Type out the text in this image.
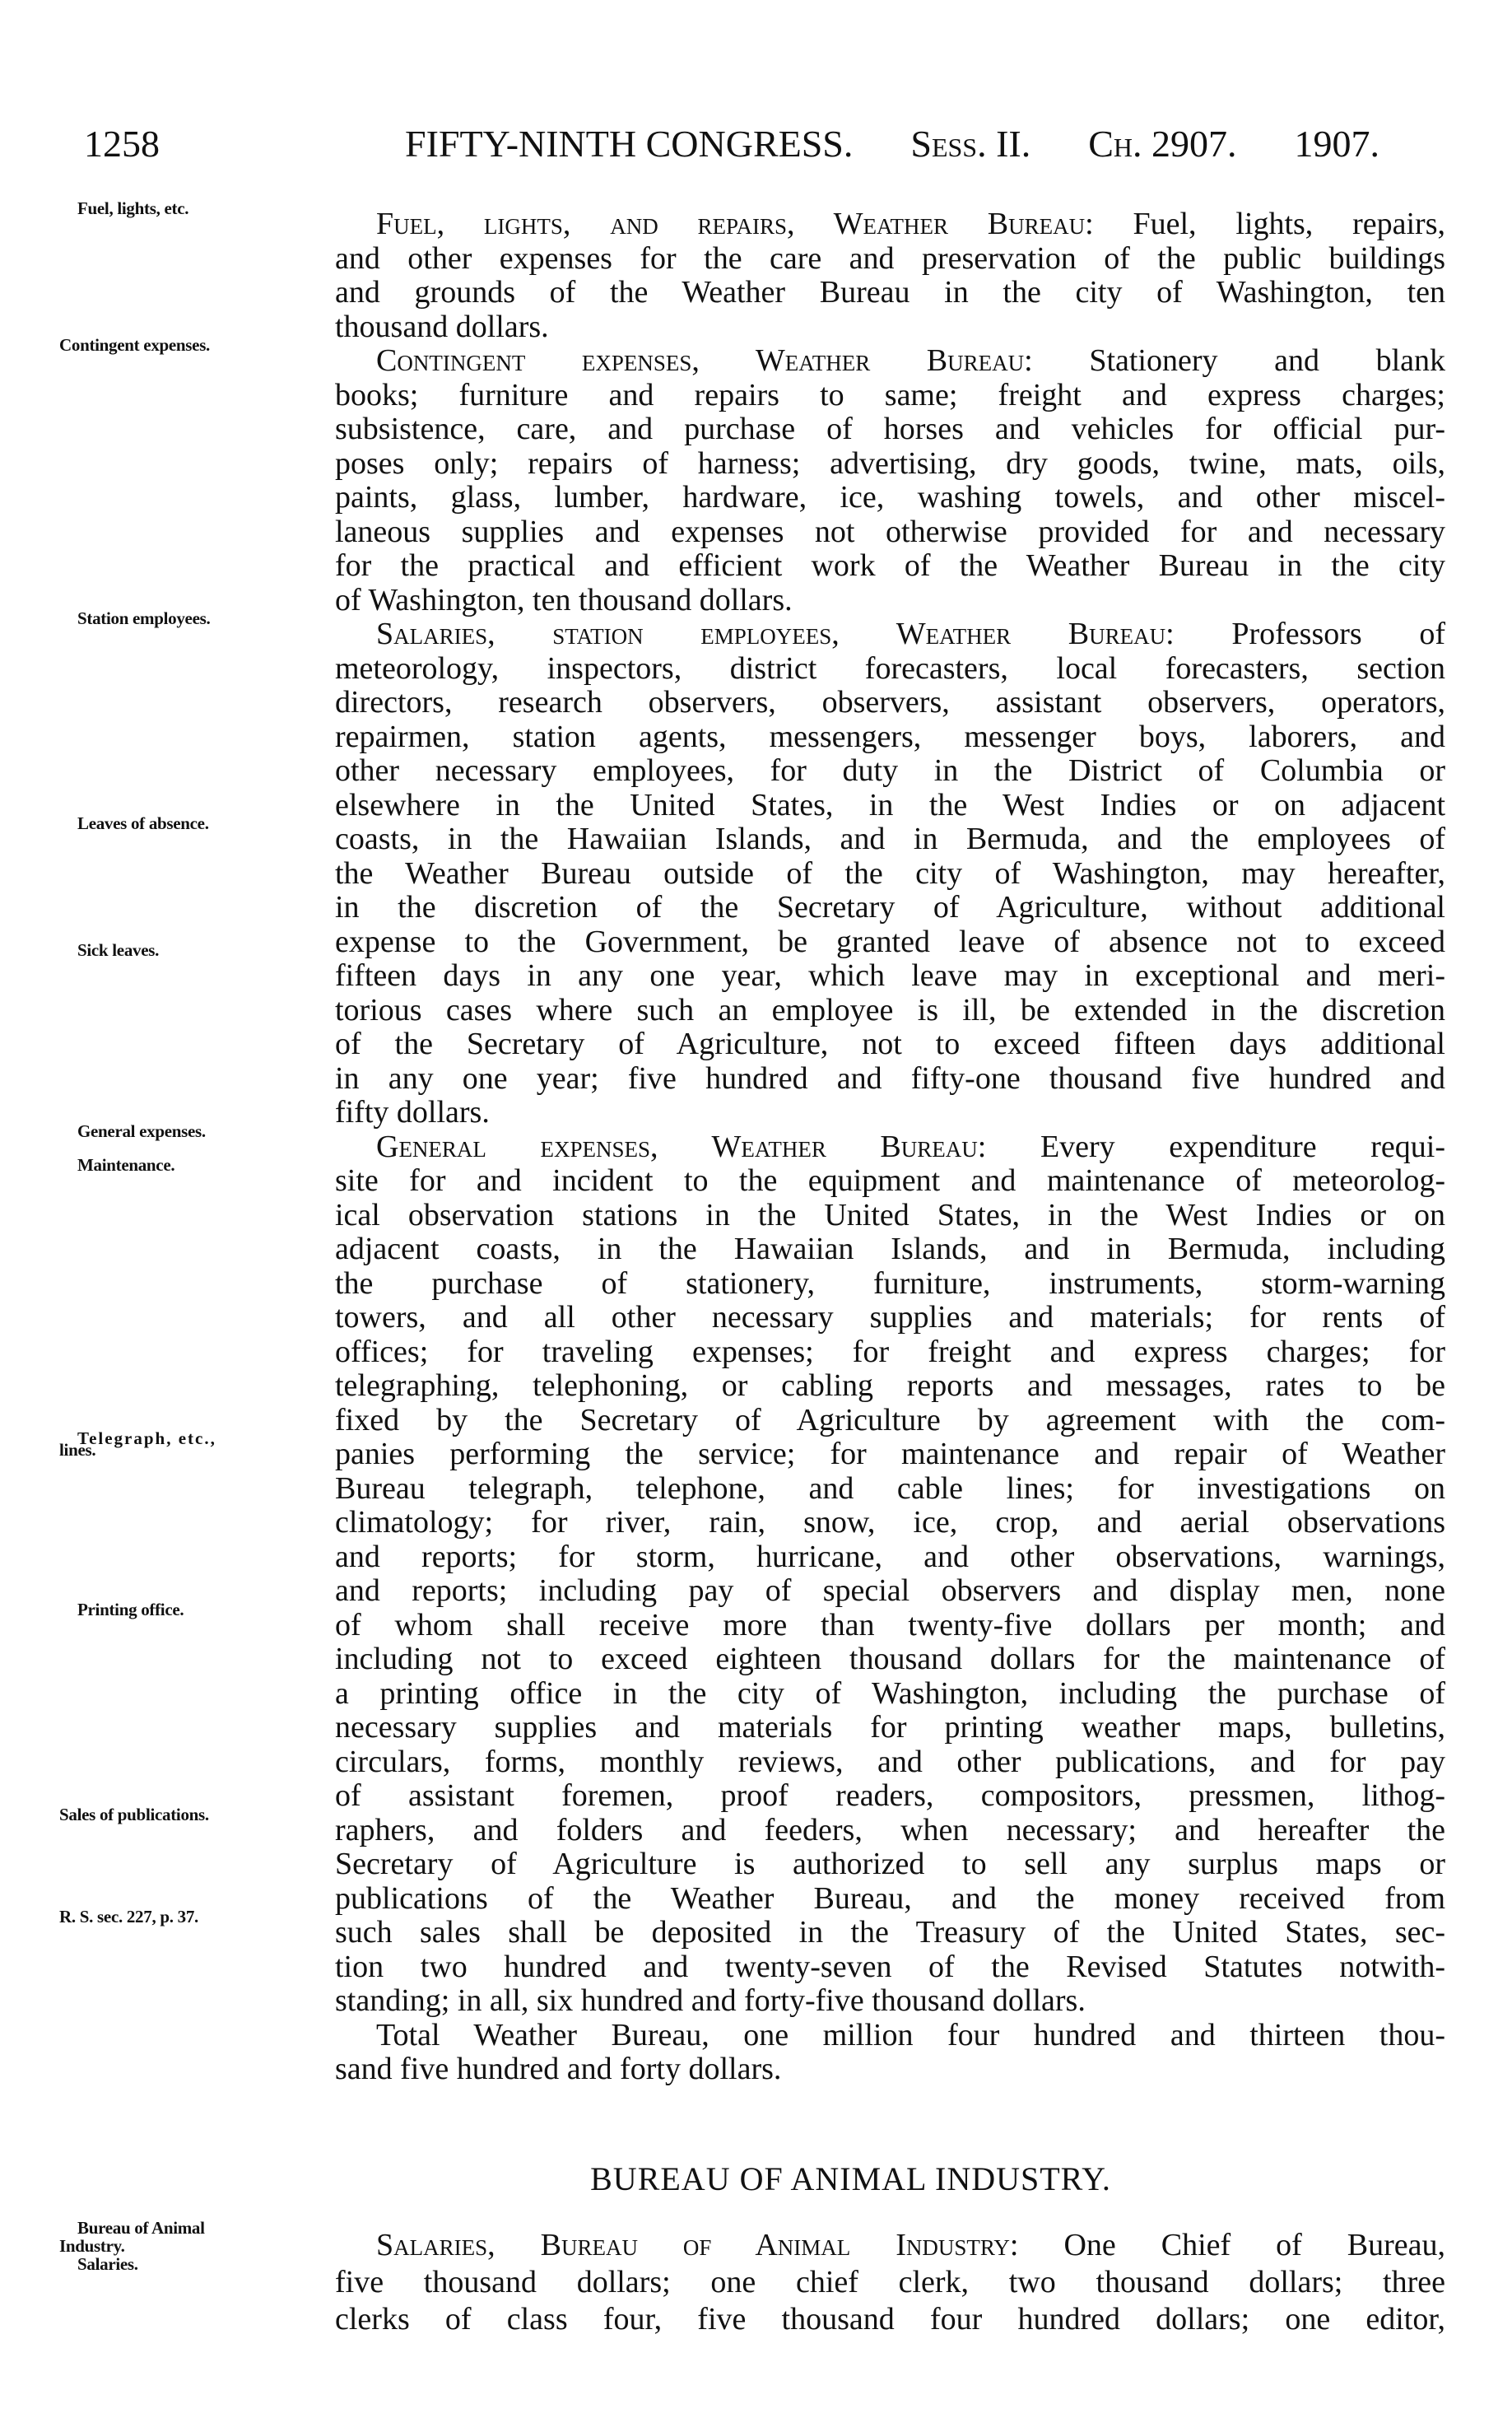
1258	FIFTY-NINTH CONGRESS. Sess. II. Ch. 2907. 1907.
Fuel, lights, etc.	Fuel, lights, and repairs, Weather Bureau: Fuel, lights, repairs,
and other expenses for the care and preservation of the public buildings
and grounds of the Weather Bureau in the city of Washington, ten
thousand dollars.
Contingent expenses.	Contingent expenses, Weather Bureau: Stationery and blank
books; furniture and repairs to same; freight and express charges;
subsistence, care, and purchase of horses and vehicles for official pur-
poses only; repairs of harness; advertising, dry goods, twine, mats, oils,
paints, glass, lumber, hardware, ice, washing towels, and other miscel-
laneous supplies and expenses not otherwise provided for and necessary
for the practical and efficient work of the Weather Bureau in the city
of Washington, ten thousand dollars.
Station employees.	Salaries, station employees, Weather Bureau: Professors of
meteorology, inspectors, district forecasters, local forecasters, section
directors, research observers, observers, assistant observers, operators,
repairmen, station agents, messengers, messenger boys, laborers, and
other necessary employees, for duty in the District of Columbia or
elsewhere in the United States, in the West Indies or on adjacent
Leaves of absence.	coasts, in the Hawaiian Islands, and in Bermuda, and the employees of
the Weather Bureau outside of the city of Washington, may hereafter,
in the discretion of the Secretary of Agriculture, without additional
expense to the Government, be granted leave of absence not to exceed
Sick leaves.
fifteen days in any one year, which leave may in exceptional and meri-
torious cases where such an employee is ill, be extended in the discretion
of the Secretary of Agriculture, not to exceed fifteen days additional
in any one year; five hundred and fifty-one thousand five hundred and
fifty dollars.
General expenses.	General expenses, Weather Bureau: Every expenditure requi-
Maintenance.	site for and incident to the equipment and maintenance of meteorolog-
ical observation stations in the United States, in the West Indies or on
adjacent coasts, in the Hawaiian Islands, and in Bermuda, including
the purchase of stationery, furniture, instruments, storm-warning
towers, and all other necessary supplies and materials; for rents of
offices; for traveling expenses; for freight and express charges; for
telegraphing, telephoning, or cabling reports and messages, rates to be
fixed by the Secretary of Agriculture by agreement with the com-
Telegraph, etc.,
lines.	panies performing the service; for maintenance and repair of Weather
Bureau telegraph, telephone, and cable lines; for investigations on
climatology; for river, rain, snow, ice, crop, and aerial observations
and reports; for storm, hurricane, and other observations, warnings,
and reports; including pay of special observers and display men, none
Printing office.	of whom shall receive more than twenty-five dollars per month; and
including not to exceed eighteen thousand dollars for the maintenance of
a printing office in the city of Washington, including the purchase of
necessary supplies and materials for printing weather maps, bulletins,
circulars, forms, monthly reviews, and other publications, and for pay
of assistant foremen, proof readers, compositors, pressmen, lithog-
Sales of publications.	raphers, and folders and feeders, when necessary; and hereafter the
Secretary of Agriculture is authorized to sell any surplus maps or
publications of the Weather Bureau, and the money received from
R. S. sec. 227, p. 37.	such sales shall be deposited in the Treasury of the United States, sec-
tion two hundred and twenty-seven of the Revised Statutes notwith-
standing; in all, six hundred and forty-five thousand dollars.
Total Weather Bureau, one million four hundred and thirteen thou-
sand five hundred and forty dollars.
BUREAU OF ANIMAL INDUSTRY.
Bureau of Animal
Industry.
Salaries.
Salaries, Bureau of Animal Industry: One Chief of Bureau,
five thousand dollars; one chief clerk, two thousand dollars; three
clerks of class four, five thousand four hundred dollars; one editor,
